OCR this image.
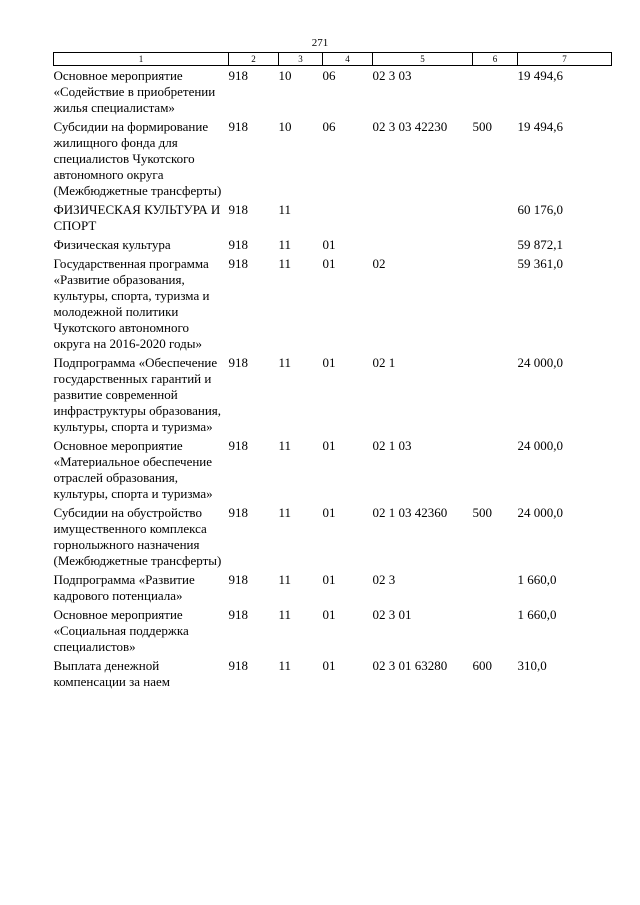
271
1	2	3	4	5	6	7
Основное мероприятие «Содействие в приобретении жилья специалистам»	918	10	06	02 3 03		19 494,6
Субсидии на формирование жилищного фонда для специалистов Чукотского автономного округа (Межбюджетные трансферты)	918	10	06	02 3 03 42230	500	19 494,6
ФИЗИЧЕСКАЯ КУЛЬТУРА И СПОРТ	918	11				60 176,0
Физическая культура	918	11	01			59 872,1
Государственная программа «Развитие образования, культуры, спорта, туризма и молодежной политики Чукотского автономного округа на 2016-2020 годы»	918	11	01	02		59 361,0
Подпрограмма «Обеспечение государственных гарантий и развитие современной инфраструктуры образования, культуры, спорта и туризма»	918	11	01	02 1		24 000,0
Основное мероприятие «Материальное обеспечение отраслей образования, культуры, спорта и туризма»	918	11	01	02 1 03		24 000,0
Субсидии на обустройство имущественного комплекса горнолыжного назначения (Межбюджетные трансферты)	918	11	01	02 1 03 42360	500	24 000,0
Подпрограмма «Развитие кадрового потенциала»	918	11	01	02 3		1 660,0
Основное мероприятие «Социальная поддержка специалистов»	918	11	01	02 3 01		1 660,0
Выплата денежной компенсации за наем	918	11	01	02 3 01 63280	600	310,0
